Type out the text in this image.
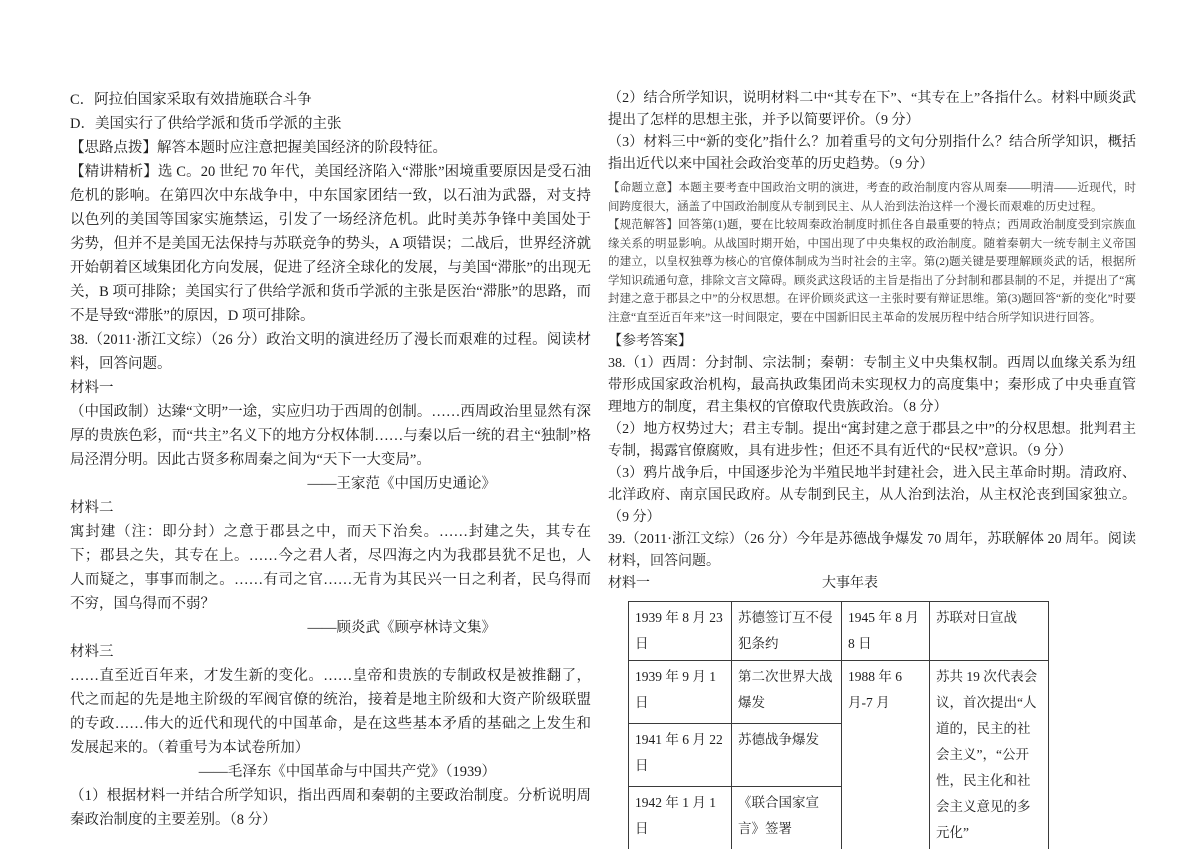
C．阿拉伯国家采取有效措施联合斗争

D．美国实行了供给学派和货币学派的主张

【思路点拨】解答本题时应注意把握美国经济的阶段特征。

【精讲精析】选 C。20 世纪 70 年代，美国经济陷入“滞胀”困境重要原因是受石油危机的影响。在第四次中东战争中，中东国家团结一致，以石油为武器，对支持以色列的美国等国家实施禁运，引发了一场经济危机。此时美苏争锋中美国处于劣势，但并不是美国无法保持与苏联竞争的势头，A 项错误；二战后，世界经济就开始朝着区域集团化方向发展，促进了经济全球化的发展，与美国“滞胀”的出现无关，B 项可排除；美国实行了供给学派和货币学派的主张是医治“滞胀”的思路，而不是导致“滞胀”的原因，D 项可排除。

38.（2011·浙江文综）（26 分）政治文明的演进经历了漫长而艰难的过程。阅读材料，回答问题。

材料一

（中国政制）达臻“文明”一途，实应归功于西周的创制。……西周政治里显然有深厚的贵族色彩，而“共主”名义下的地方分权体制……与秦以后一统的君主“独制”格局泾渭分明。因此古贤多称周秦之间为“天下一大变局”。

——王家范《中国历史通论》

材料二

寓封建（注：即分封）之意于郡县之中，而天下治矣。……封建之失，其专在下；郡县之失，其专在上。……今之君人者，尽四海之内为我郡县犹不足也，人人而疑之，事事而制之。……有司之官……无肯为其民兴一日之利者，民乌得而不穷，国乌得而不弱？

——顾炎武《顾亭林诗文集》

材料三

……直至近百年来，才发生新的变化。……皇帝和贵族的专制政权是被推翻了，代之而起的先是地主阶级的军阀官僚的统治，接着是地主阶级和大资产阶级联盟的专政……伟大的近代和现代的中国革命，是在这些基本矛盾的基础之上发生和发展起来的。（着重号为本试卷所加）

——毛泽东《中国革命与中国共产党》（1939）

（1）根据材料一并结合所学知识，指出西周和秦朝的主要政治制度。分析说明周秦政治制度的主要差别。（8 分）

（2）结合所学知识，说明材料二中“其专在下”、“其专在上”各指什么。材料中顾炎武提出了怎样的思想主张，并予以简要评价。（9 分）

（3）材料三中“新的变化”指什么？加着重号的文句分别指什么？结合所学知识，概括指出近代以来中国社会政治变革的历史趋势。（9 分）

【命题立意】本题主要考查中国政治文明的演进，考查的政治制度内容从周秦——明清——近现代，时间跨度很大，涵盖了中国政治制度从专制到民主、从人治到法治这样一个漫长而艰难的历史过程。

【规范解答】回答第(1)题，要在比较周秦政治制度时抓住各自最重要的特点；西周政治制度受到宗族血缘关系的明显影响。从战国时期开始，中国出现了中央集权的政治制度。随着秦朝大一统专制主义帝国的建立，以皇权独尊为核心的官僚体制成为当时社会的主宰。第(2)题关键是要理解顾炎武的话，根据所学知识疏通句意，排除文言文障碍。顾炎武这段话的主旨是指出了分封制和郡县制的不足，并提出了“寓封建之意于郡县之中”的分权思想。在评价顾炎武这一主张时要有辩证思维。第(3)题回答“新的变化”时要注意“直至近百年来”这一时间限定，要在中国新旧民主革命的发展历程中结合所学知识进行回答。

【参考答案】

38.（1）西周：分封制、宗法制；秦朝：专制主义中央集权制。西周以血缘关系为纽带形成国家政治机构，最高执政集团尚未实现权力的高度集中；秦形成了中央垂直管理地方的制度，君主集权的官僚取代贵族政治。（8 分）

（2）地方权势过大；君主专制。提出“寓封建之意于郡县之中”的分权思想。批判君主专制，揭露官僚腐败，具有进步性；但还不具有近代的“民权”意识。（9 分）

（3）鸦片战争后，中国逐步沦为半殖民地半封建社会，进入民主革命时期。清政府、北洋政府、南京国民政府。从专制到民主，从人治到法治，从主权沦丧到国家独立。（9 分）

39.（2011·浙江文综）（26 分）今年是苏德战争爆发 70 周年，苏联解体 20 周年。阅读材料，回答问题。

材料一	大事年表
1939 年 8 月 23 日	苏德签订互不侵犯条约	1945 年 8 月 8 日	苏联对日宣战
1939 年 9 月 1 日	第二次世界大战爆发	1988 年 6 月-7 月	苏共 19 次代表会议，首次提出“人道的，民主的社会主义”，“公开性，民主化和社会主义意见的多元化”
1941 年 6 月 22 日	苏德战争爆发		
1942 年 1 月 1 日	《联合国家宣言》签署		
